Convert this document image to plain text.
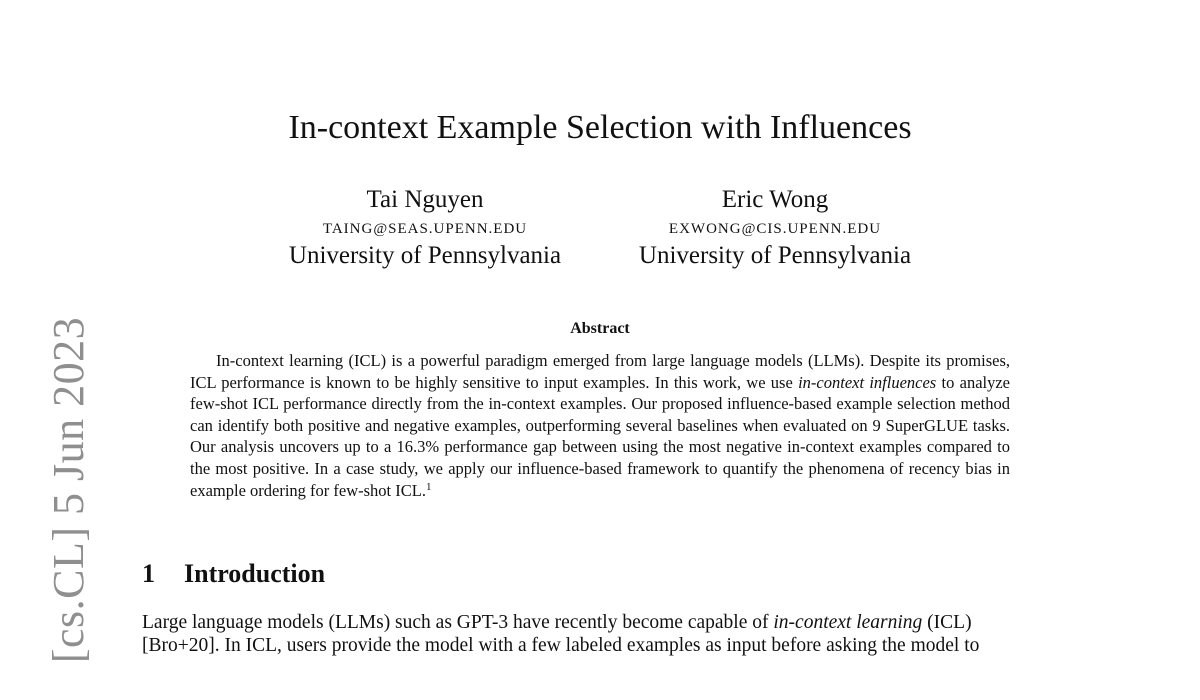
[cs.CL] 5 Jun 2023
In-context Example Selection with Influences
Tai Nguyen
TAING@SEAS.UPENN.EDU
University of Pennsylvania
Eric Wong
EXWONG@CIS.UPENN.EDU
University of Pennsylvania
Abstract

In-context learning (ICL) is a powerful paradigm emerged from large language models (LLMs). Despite its promises, ICL performance is known to be highly sensitive to input examples. In this work, we use in-context influences to analyze few-shot ICL performance directly from the in-context examples. Our proposed influence-based example selection method can identify both positive and negative examples, outperforming several baselines when evaluated on 9 SuperGLUE tasks. Our analysis uncovers up to a 16.3% performance gap between using the most negative in-context examples compared to the most positive. In a case study, we apply our influence-based framework to quantify the phenomena of recency bias in example ordering for few-shot ICL.$^1$

1 Introduction
Large language models (LLMs) such as GPT-3 have recently become capable of in-context learning (ICL)
[Bro+20]. In ICL, users provide the model with a few labeled examples as input before asking the model to
